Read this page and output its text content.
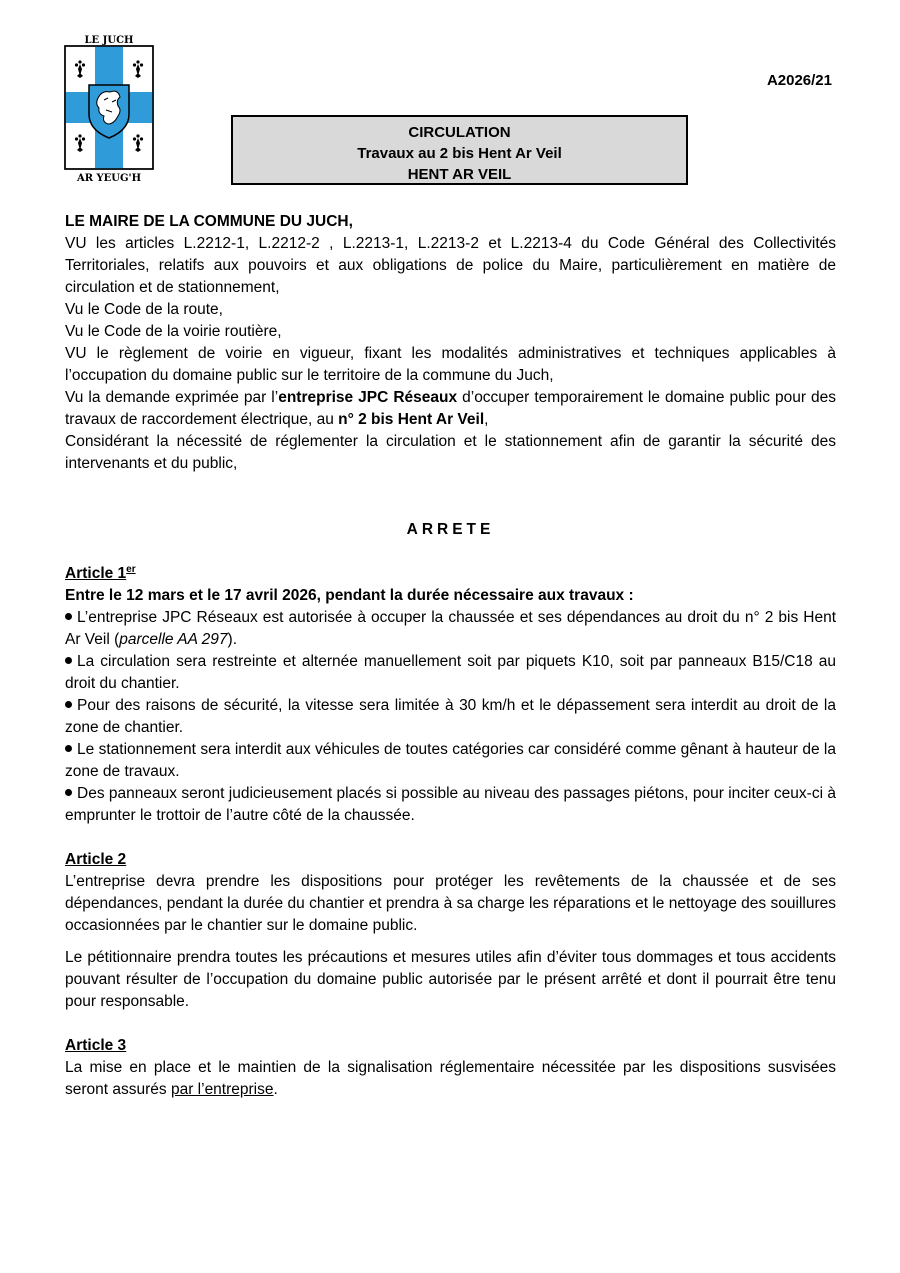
LE JUCH
AR YEUG'H
A2026/21
CIRCULATION
Travaux au 2 bis Hent Ar Veil
HENT AR VEIL

LE MAIRE DE LA COMMUNE DU JUCH,

VU les articles L.2212-1, L.2212-2 , L.2213-1, L.2213-2 et L.2213-4 du Code Général des Collectivités Territoriales, relatifs aux pouvoirs et aux obligations de police du Maire, particulièrement en matière de circulation et de stationnement,

Vu le Code de la route,

Vu le Code de la voirie routière,

VU le règlement de voirie en vigueur, fixant les modalités administratives et techniques applicables à l’occupation du domaine public sur le territoire de la commune du Juch,

Vu la demande exprimée par l’entreprise JPC Réseaux d’occuper temporairement le domaine public pour des travaux de raccordement électrique, au n° 2 bis Hent Ar Veil,

Considérant la nécessité de réglementer la circulation et le stationnement afin de garantir la sécurité des intervenants et du public,

ARRETE

Article 1er

Entre le 12 mars et le 17 avril 2026, pendant la durée nécessaire aux travaux :

L’entreprise JPC Réseaux est autorisée à occuper la chaussée et ses dépendances au droit du n° 2 bis Hent Ar Veil (parcelle AA 297).

La circulation sera restreinte et alternée manuellement soit par piquets K10, soit par panneaux B15/C18 au droit du chantier.

Pour des raisons de sécurité, la vitesse sera limitée à 30 km/h et le dépassement sera interdit au droit de la zone de chantier.

Le stationnement sera interdit aux véhicules de toutes catégories car considéré comme gênant à hauteur de la zone de travaux.

Des panneaux seront judicieusement placés si possible au niveau des passages piétons, pour inciter ceux-ci à emprunter le trottoir de l’autre côté de la chaussée.

Article 2

L’entreprise devra prendre les dispositions pour protéger les revêtements de la chaussée et de ses dépendances, pendant la durée du chantier et prendra à sa charge les réparations et le nettoyage des souillures occasionnées par le chantier sur le domaine public.

Le pétitionnaire prendra toutes les précautions et mesures utiles afin d’éviter tous dommages et tous accidents pouvant résulter de l’occupation du domaine public autorisée par le présent arrêté et dont il pourrait être tenu pour responsable.

Article 3

La mise en place et le maintien de la signalisation réglementaire nécessitée par les dispositions susvisées seront assurés par l’entreprise.
